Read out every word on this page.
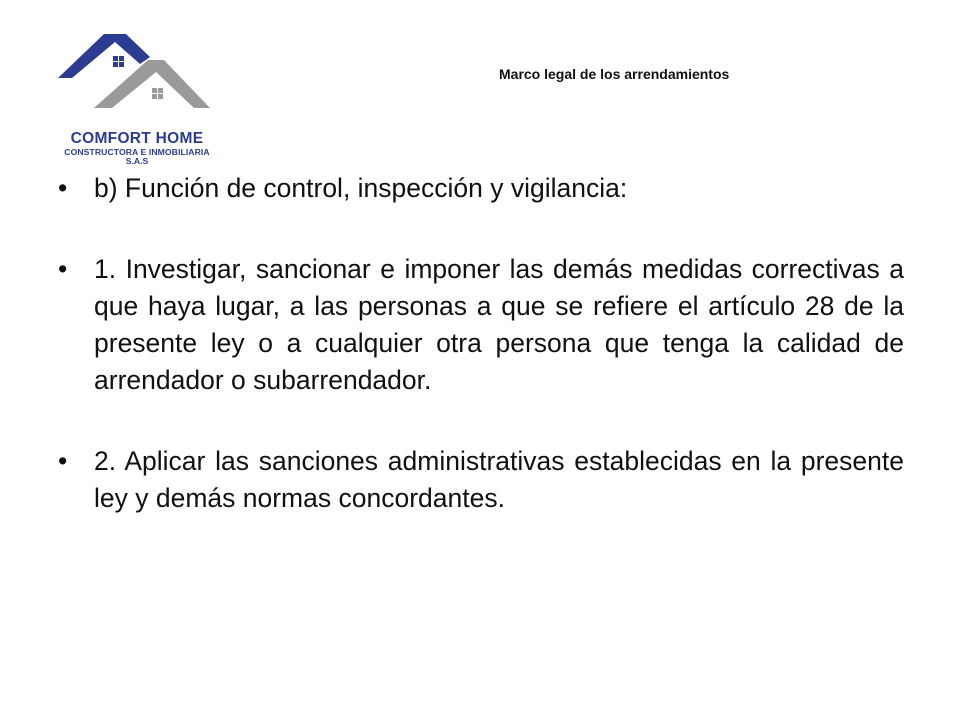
COMFORT HOME
CONSTRUCTORA E INMOBILIARIA
S.A.S
Marco legal de los arrendamientos
• b) Función de control, inspección y vigilancia:
• 1. Investigar, sancionar e imponer las demás medidas correctivas a que haya lugar, a las personas a que se refiere el artículo 28 de la presente ley o a cualquier otra persona que tenga la calidad de arrendador o subarrendador.
• 2. Aplicar las sanciones administrativas establecidas en la presente ley y demás normas concordantes.
